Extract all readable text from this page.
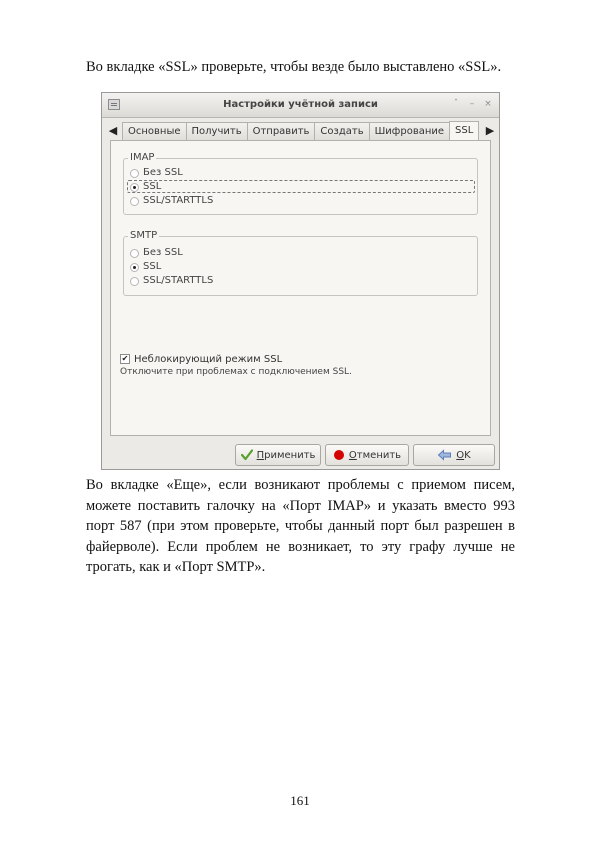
Во вкладке «SSL» проверьте, чтобы везде было выставлено «SSL».
Настройки учётной записи	ˆ	–	×
◀	Основные	Получить	Отправить	Создать	Шифрование	SSL	▶
IMAP
Без SSL
SSL
SSL/STARTTLS
SMTP
Без SSL
SSL
SSL/STARTTLS
✔ Неблокирующий режим SSL
Отключите при проблемах с подключением SSL.
Применить	Отменить	OK
Во вкладке «Еще», если возникают проблемы с приемом писем, можете поставить галочку на «Порт IMAP» и указать вместо 993 порт 587 (при этом проверьте, чтобы данный порт был разрешен в файерволе). Если проблем не возникает, то эту графу лучше не трогать, как и «Порт SMTP».
161
